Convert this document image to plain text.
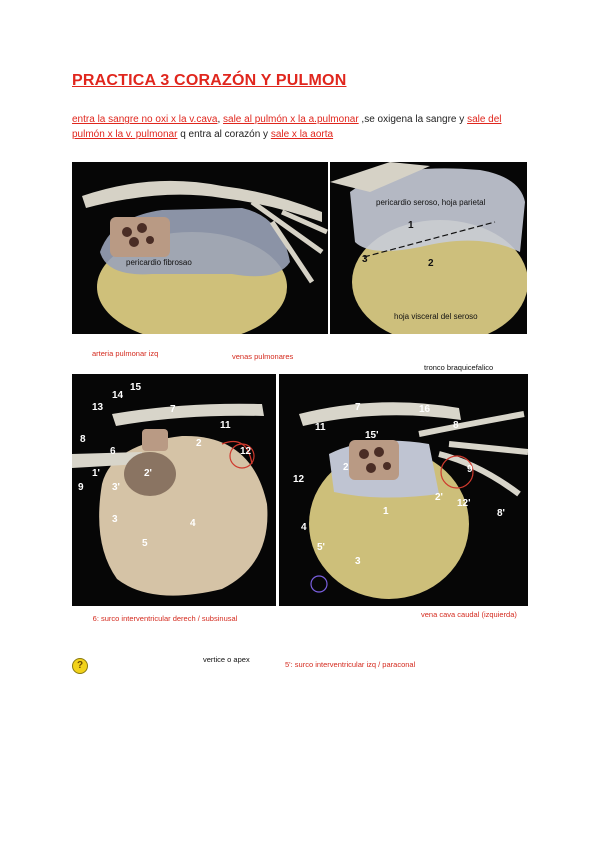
PRACTICA 3 CORAZÓN Y PULMON
entra la sangre no oxi x la v.cava, sale al pulmón x la a.pulmonar ,se oxigena la sangre y sale del pulmón x la v. pulmonar q entra al corazón y sale x la aorta
pericardio fibrosao
pericardio seroso, hoja parietal
hoja visceral del seroso
1
2
3
arteria pulmonar izq	venas pulmonares
tronco braquicefalico
15
14
13	7
11
2
12
8
6
1'
9
2'
3'
3	4
5
7	16
11
15'
8
12
2	9
2'
12'
1
4
5'
3
8'
6: surco interventricular derech / subsinusal	vena cava caudal (izquierda)
vertice o apex
5': surco interventricular izq / paraconal
?
